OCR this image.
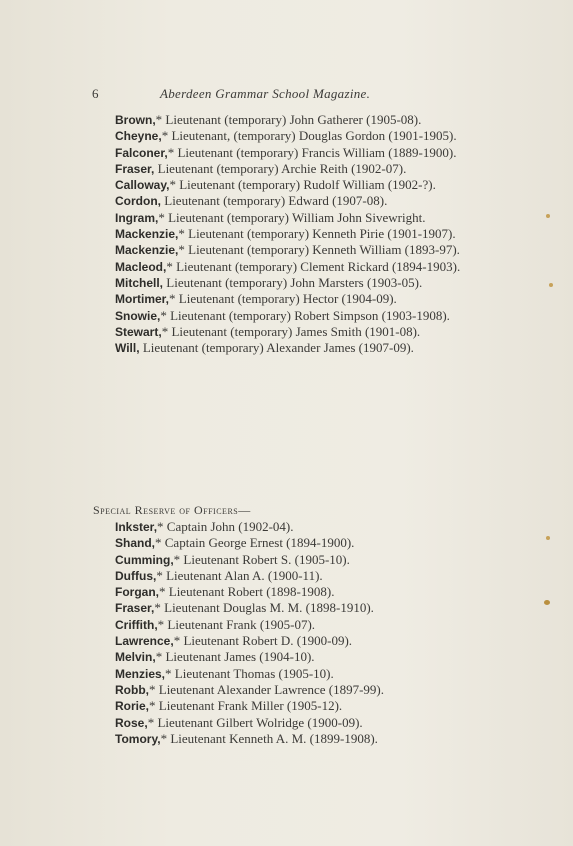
6	Aberdeen Grammar School Magazine.

Brown,* Lieutenant (temporary) John Gatherer (1905-08).

Cheyne,* Lieutenant, (temporary) Douglas Gordon (1901-1905).

Falconer,* Lieutenant (temporary) Francis William (1889-1900).

Fraser, Lieutenant (temporary) Archie Reith (1902-07).

Calloway,* Lieutenant (temporary) Rudolf William (1902-?).

Cordon, Lieutenant (temporary) Edward (1907-08).

Ingram,* Lieutenant (temporary) William John Sivewright.

Mackenzie,* Lieutenant (temporary) Kenneth Pirie (1901-1907).

Mackenzie,* Lieutenant (temporary) Kenneth William (1893-97).

Macleod,* Lieutenant (temporary) Clement Rickard (1894-1903).

Mitchell, Lieutenant (temporary) John Marsters (1903-05).

Mortimer,* Lieutenant (temporary) Hector (1904-09).

Snowie,* Lieutenant (temporary) Robert Simpson (1903-1908).

Stewart,* Lieutenant (temporary) James Smith (1901-08).

Will, Lieutenant (temporary) Alexander James (1907-09).

Special Reserve of Officers—

Inkster,* Captain John (1902-04).

Shand,* Captain George Ernest (1894-1900).

Cumming,* Lieutenant Robert S. (1905-10).

Duffus,* Lieutenant Alan A. (1900-11).

Forgan,* Lieutenant Robert (1898-1908).

Fraser,* Lieutenant Douglas M. M. (1898-1910).

Criffith,* Lieutenant Frank (1905-07).

Lawrence,* Lieutenant Robert D. (1900-09).

Melvin,* Lieutenant James (1904-10).

Menzies,* Lieutenant Thomas (1905-10).

Robb,* Lieutenant Alexander Lawrence (1897-99).

Rorie,* Lieutenant Frank Miller (1905-12).

Rose,* Lieutenant Gilbert Wolridge (1900-09).

Tomory,* Lieutenant Kenneth A. M. (1899-1908).
